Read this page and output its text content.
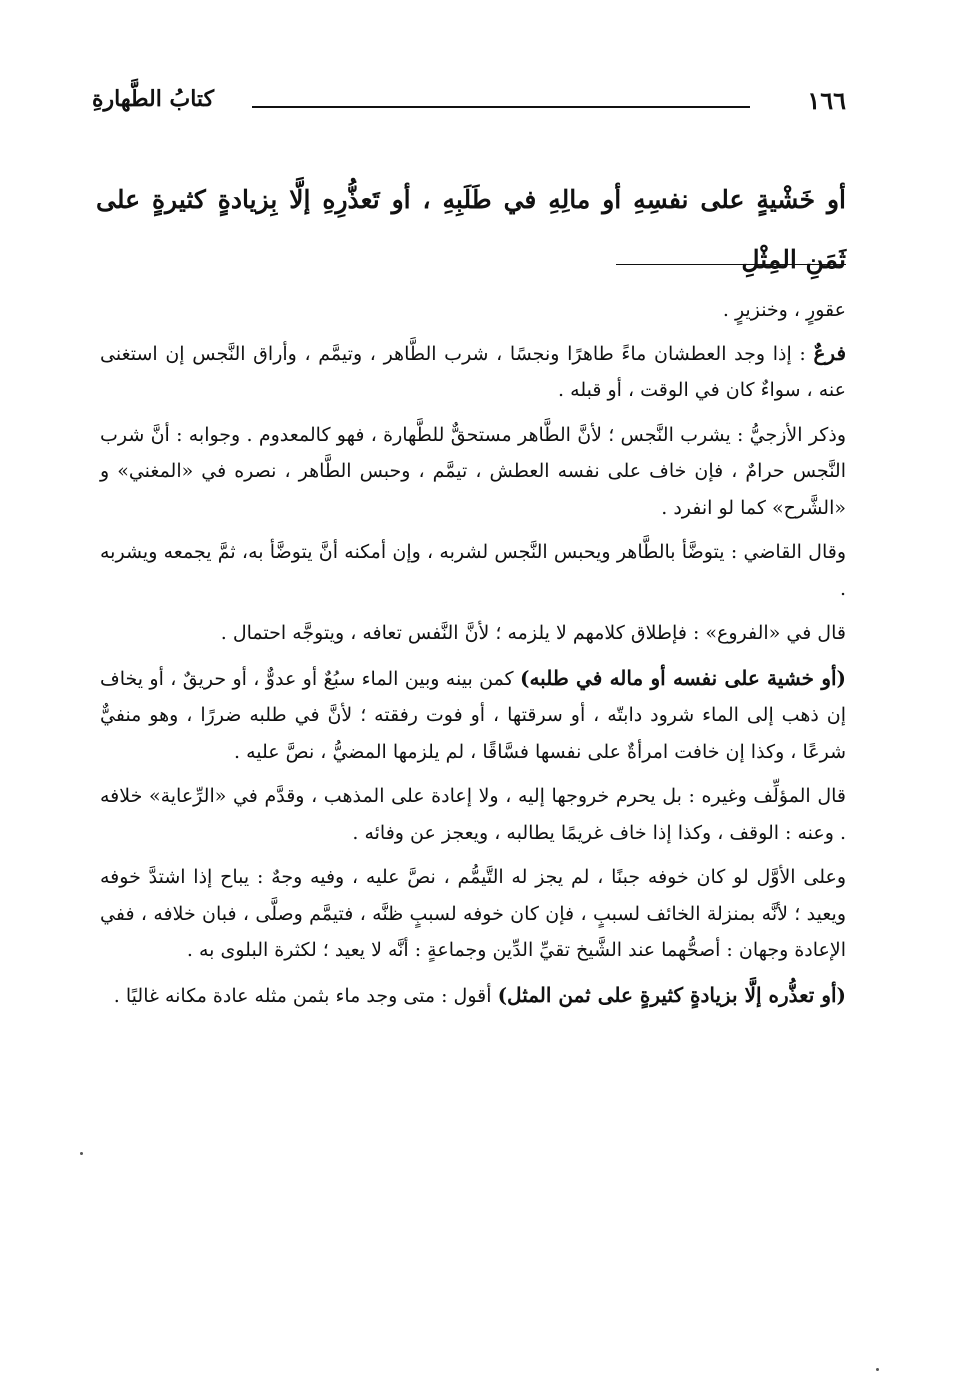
١٦٦
كتابُ الطَّهارةِ
أو خَشْيةٍ على نفسِهِ أو مالِهِ في طَلَبِهِ ، أو تَعذُّرِهِ إلَّا بِزيادةٍ كثيرةٍ على ثَمَنِ المِثْلِ

عقورٍ ، وخنزيرٍ .

فرعٌ : إذا وجد العطشان ماءً طاهرًا ونجسًا ، شرب الطَّاهر ، وتيمَّم ، وأراق النَّجس إن استغنى عنه ، سواءٌ كان في الوقت ، أو قبله .

وذكر الأزجيُّ : يشرب النَّجس ؛ لأنَّ الطَّاهر مستحقٌّ للطَّهارة ، فهو كالمعدوم . وجوابه : أنَّ شرب النَّجس حرامٌ ، فإن خاف على نفسه العطش ، تيمَّم ، وحبس الطَّاهر ، نصره في «المغني» و «الشَّرح» كما لو انفرد .

وقال القاضي : يتوضَّأ بالطَّاهر ويحبس النَّجس لشربه ، وإن أمكنه أنَّ يتوضَّأ به، ثمَّ يجمعه ويشربه .

قال في «الفروع» : فإطلاق كلامهم لا يلزمه ؛ لأنَّ النَّفس تعافه ، ويتوجَّه احتمال .

(أو خشية على نفسه أو ماله في طلبه) كمن بينه وبين الماء سبُعٌ أو عدوٌّ ، أو حريقٌ ، أو يخاف إن ذهب إلى الماء شرود دابتّه ، أو سرقتها ، أو فوت رفقته ؛ لأنَّ في طلبه ضررًا ، وهو منفيٌّ شرعًا ، وكذا إن خافت امرأةٌ على نفسها فسَّاقًا ، لم يلزمها المضيُّ ، نصَّ عليه .

قال المؤلِّف وغيره : بل يحرم خروجها إليه ، ولا إعادة على المذهب ، وقدَّم في «الرِّعاية» خلافه . وعنه : الوقف ، وكذا إذا خاف غريمًا يطالبه ، ويعجز عن وفائه .

وعلى الأوَّل لو كان خوفه جبنًا ، لم يجز له التَّيمُّم ، نصَّ عليه ، وفيه وجهٌ : يباح إذا اشتدَّ خوفه ويعيد ؛ لأنَّه بمنزلة الخائف لسببٍ ، فإن كان خوفه لسببٍ ظنَّه ، فتيمَّم وصلَّى ، فبان خلافه ، ففي الإعادة وجهان : أصحُّهما عند الشَّيخ تقيِّ الدِّين وجماعةٍ : أنَّه لا يعيد ؛ لكثرة البلوى به .

(أو تعذُّره إلَّا بزيادةٍ كثيرةٍ على ثمن المثل) أقول : متى وجد ماء بثمن مثله عادة مكانه غاليًا .
